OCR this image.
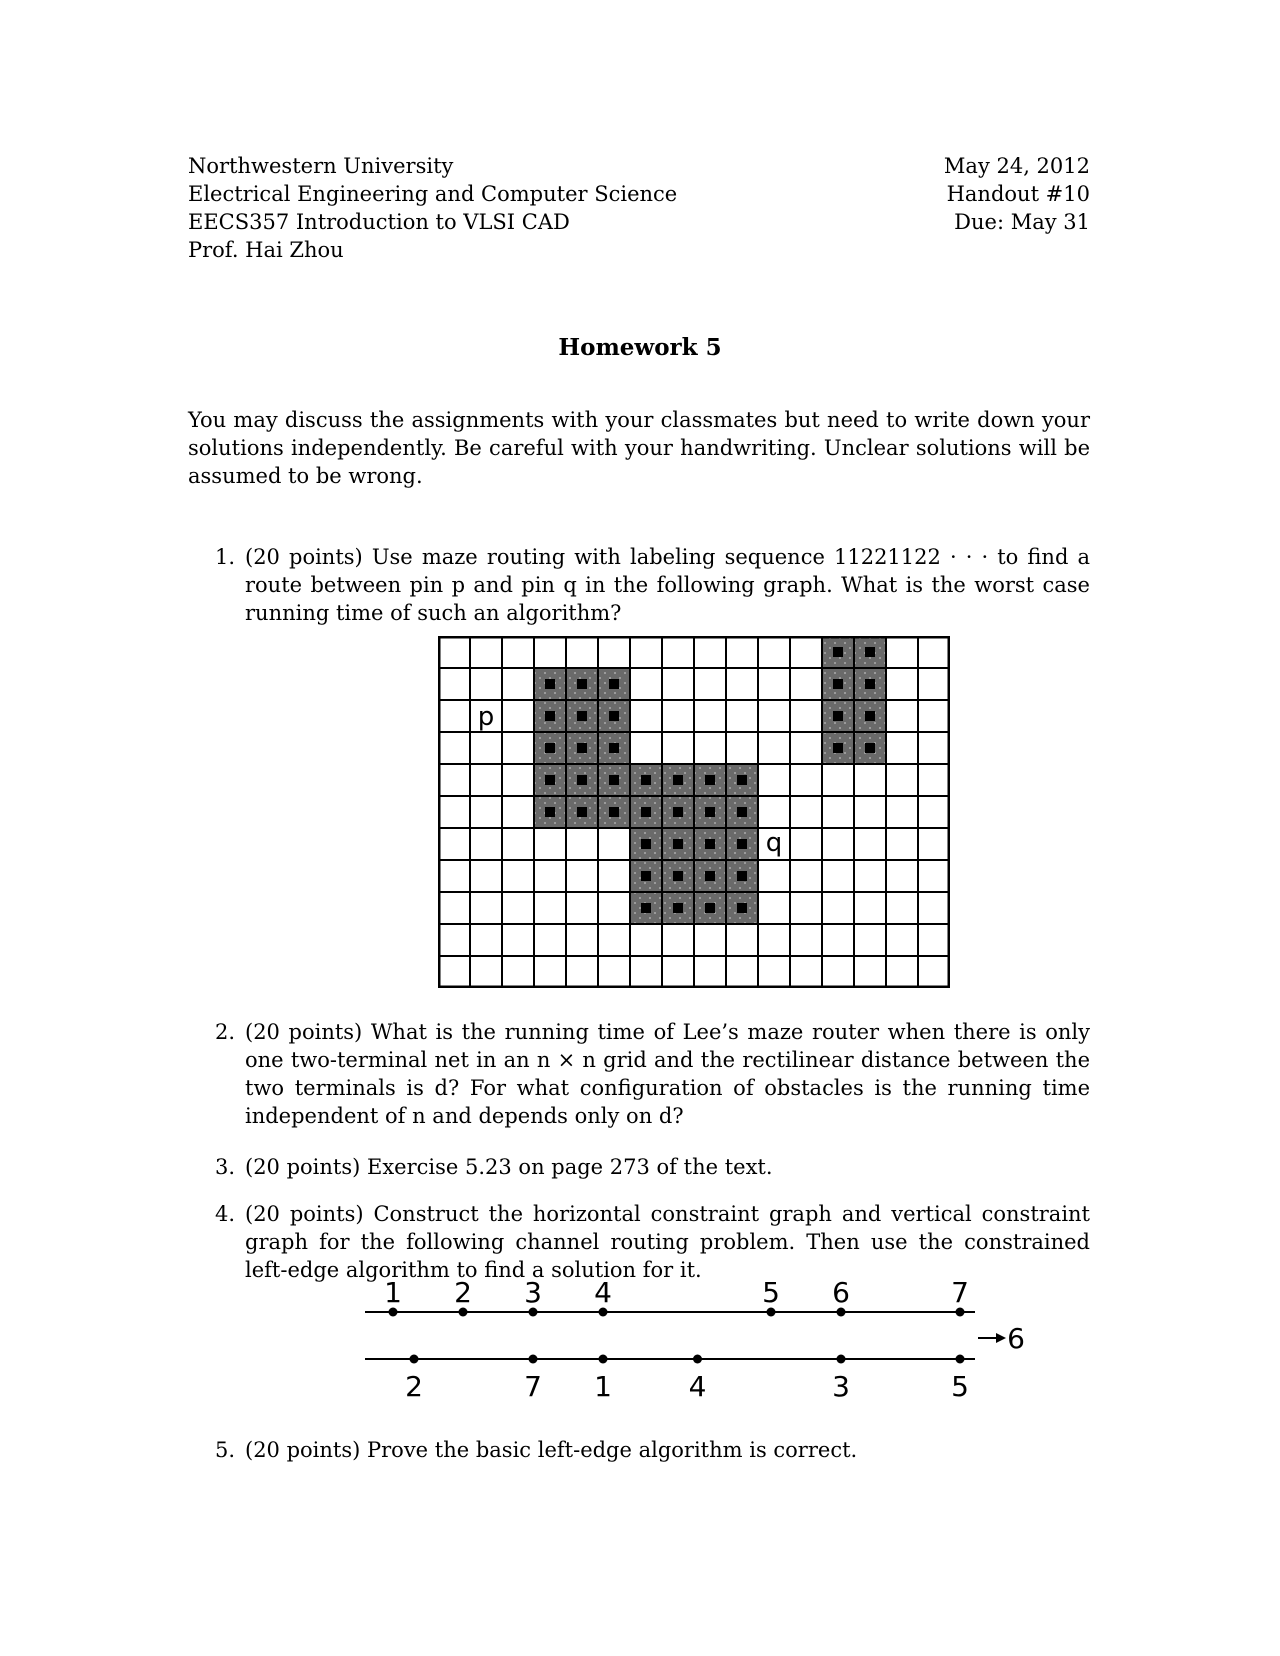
Northwestern University
Electrical Engineering and Computer Science
EECS357 Introduction to VLSI CAD
Prof. Hai Zhou
May 24, 2012
Handout #10
Due: May 31
Homework 5
You may discuss the assignments with your classmates but need to write down your solutions independently. Be careful with your handwriting. Unclear solutions will be assumed to be wrong.
1. (20 points) Use maze routing with labeling sequence 11221122 · · · to find a route between pin p and pin q in the following graph. What is the worst case running time of such an algorithm?
p
q
2. (20 points) What is the running time of Lee’s maze router when there is only one two-terminal net in an n × n grid and the rectilinear distance between the two terminals is d? For what configuration of obstacles is the running time independent of n and depends only on d?
3. (20 points) Exercise 5.23 on page 273 of the text.
4. (20 points) Construct the horizontal constraint graph and vertical constraint graph for the following channel routing problem. Then use the constrained left-edge algorithm to find a solution for it.
1 2 3 4	5 6	7
2	7 1	4	3	5
6
5. (20 points) Prove the basic left-edge algorithm is correct.
